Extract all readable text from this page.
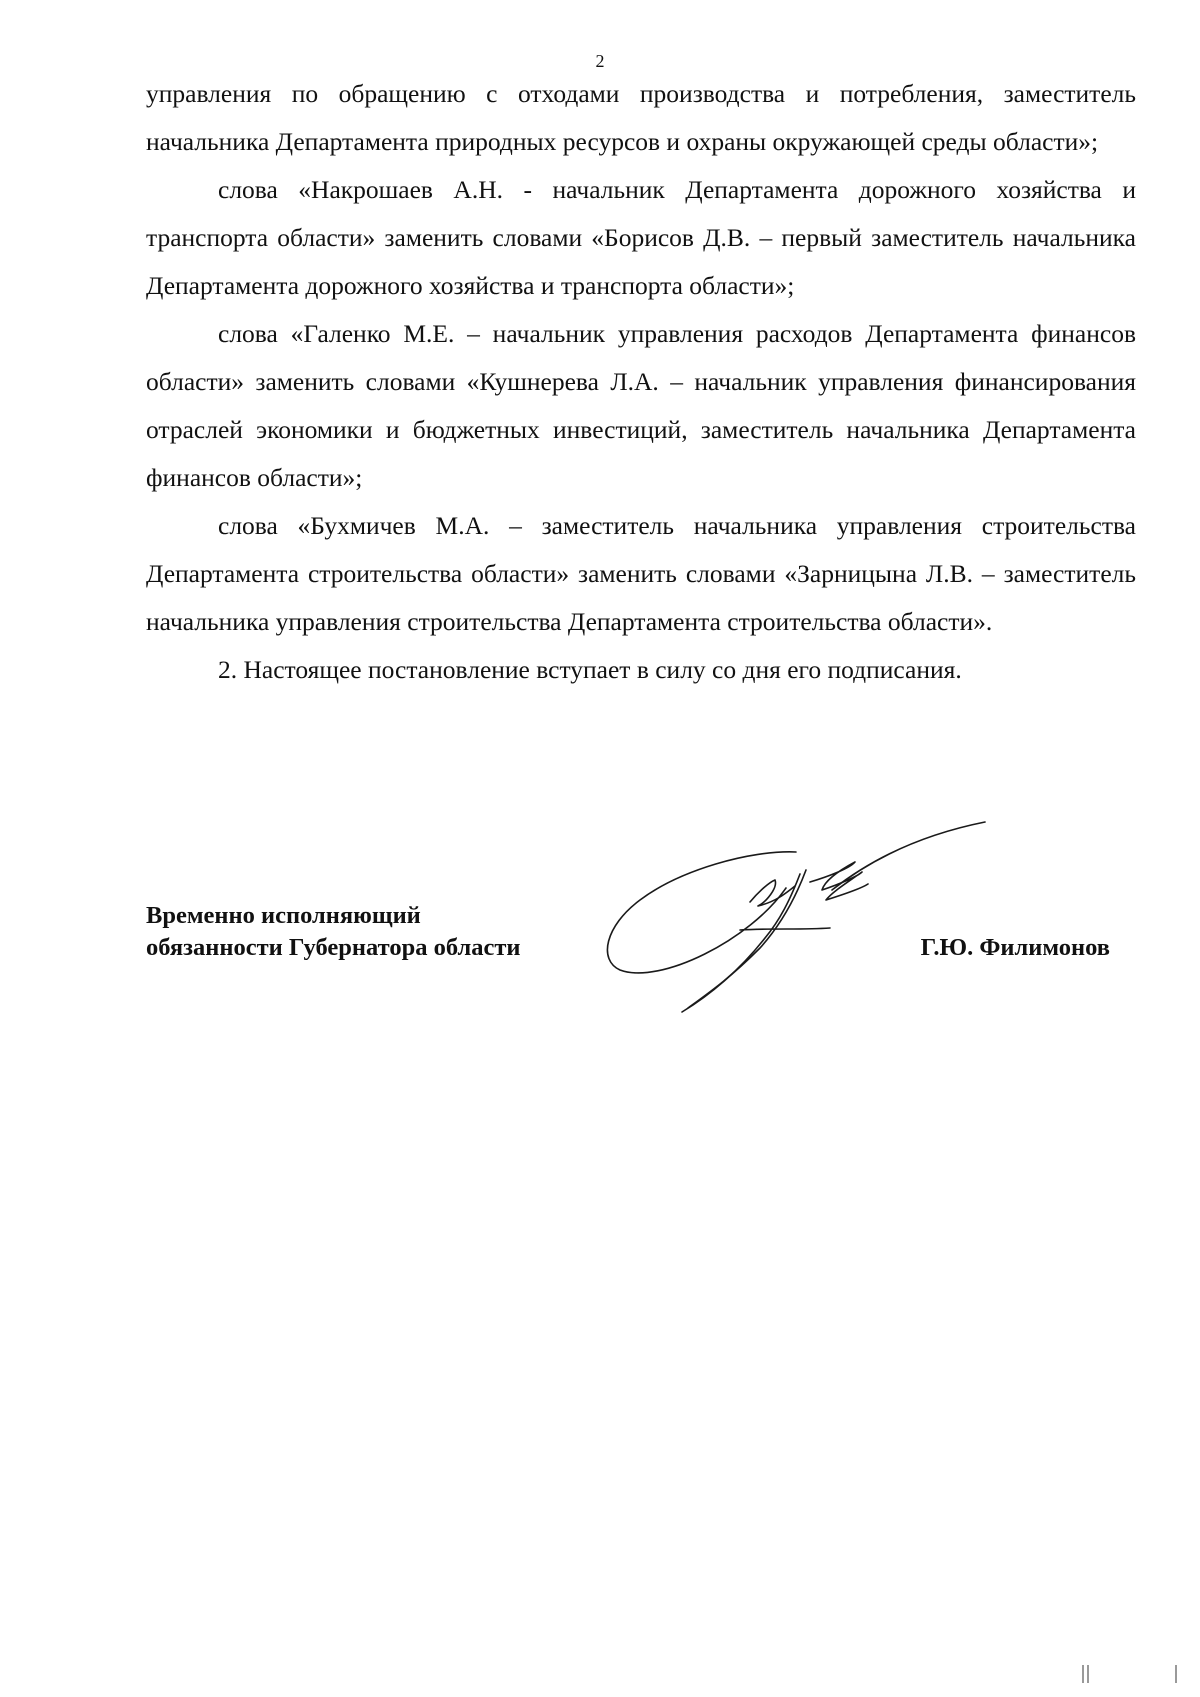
2

управления по обращению с отходами производства и потребления, заместитель начальника Департамента природных ресурсов и охраны окружающей среды области»;

слова «Накрошаев А.Н. - начальник Департамента дорожного хозяйства и транспорта области» заменить словами «Борисов Д.В. – первый заместитель начальника Департамента дорожного хозяйства и транспорта области»;

слова «Галенко М.Е. – начальник управления расходов Департамента финансов области» заменить словами «Кушнерева Л.А. – начальник управления финансирования отраслей экономики и бюджетных инвестиций, заместитель начальника Департамента финансов области»;

слова «Бухмичев М.А. – заместитель начальника управления строительства Департамента строительства области» заменить словами «Зарницына Л.В. – заместитель начальника управления строительства Департамента строительства области».

2. Настоящее постановление вступает в силу со дня его подписания.

Временно исполняющий
обязанности Губернатора области	Г.Ю. Филимонов
